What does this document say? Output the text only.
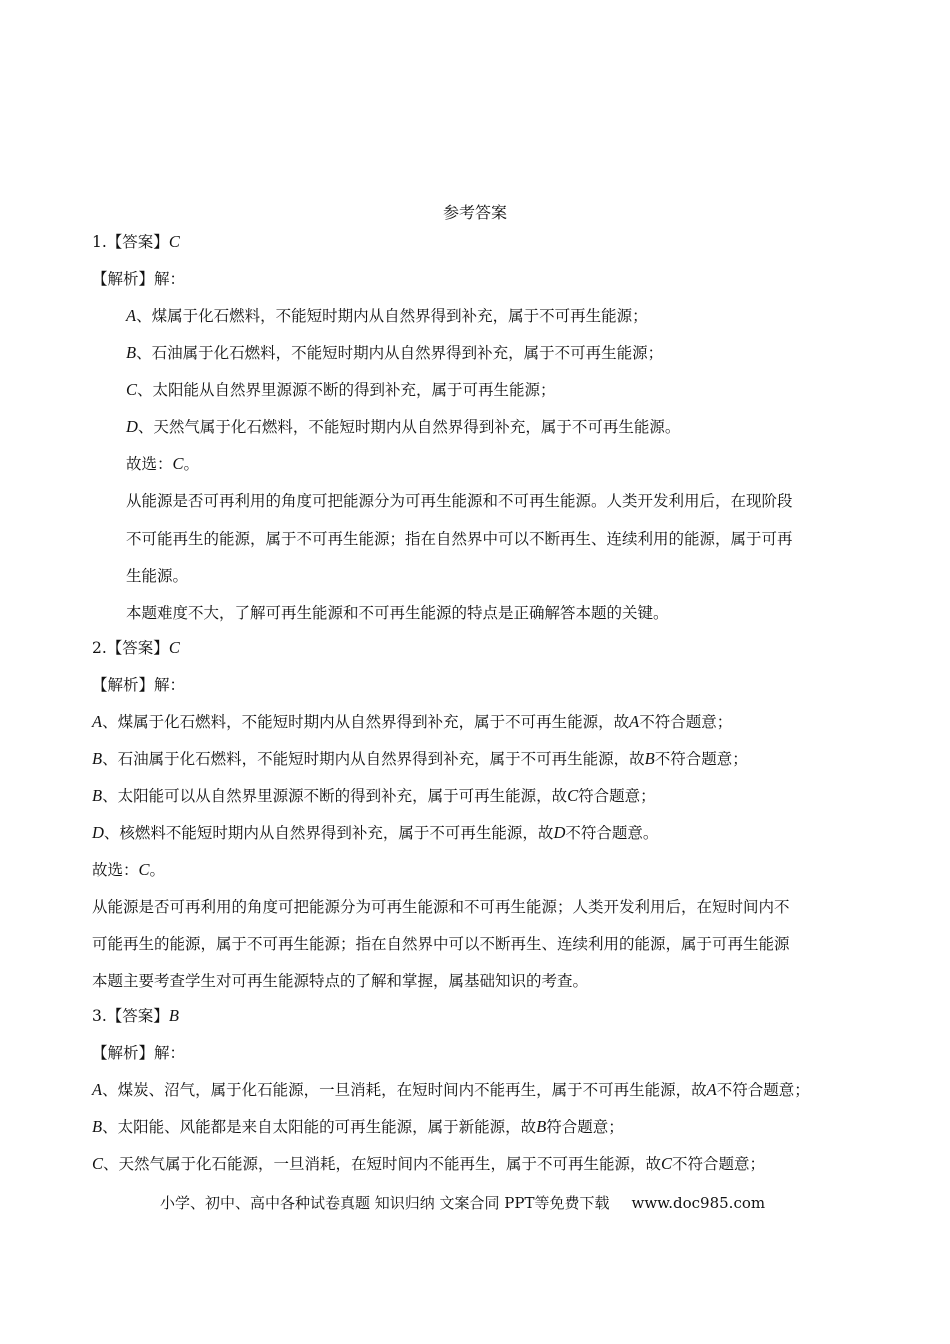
参考答案
1.【答案】C
【解析】解：
A、煤属于化石燃料，不能短时期内从自然界得到补充，属于不可再生能源；
B、石油属于化石燃料，不能短时期内从自然界得到补充，属于不可再生能源；
C、太阳能从自然界里源源不断的得到补充，属于可再生能源；
D、天然气属于化石燃料，不能短时期内从自然界得到补充，属于不可再生能源。
故选：C。
从能源是否可再利用的角度可把能源分为可再生能源和不可再生能源。人类开发利用后，在现阶段
不可能再生的能源，属于不可再生能源；指在自然界中可以不断再生、连续利用的能源，属于可再
生能源。
本题难度不大，了解可再生能源和不可再生能源的特点是正确解答本题的关键。
2.【答案】C
【解析】解：
A、煤属于化石燃料，不能短时期内从自然界得到补充，属于不可再生能源，故A不符合题意；
B、石油属于化石燃料，不能短时期内从自然界得到补充，属于不可再生能源，故B不符合题意；
B、太阳能可以从自然界里源源不断的得到补充，属于可再生能源，故C符合题意；
D、核燃料不能短时期内从自然界得到补充，属于不可再生能源，故D不符合题意。
故选：C。
从能源是否可再利用的角度可把能源分为可再生能源和不可再生能源；人类开发利用后，在短时间内不
可能再生的能源，属于不可再生能源；指在自然界中可以不断再生、连续利用的能源，属于可再生能源
本题主要考查学生对可再生能源特点的了解和掌握，属基础知识的考查。
3.【答案】B
【解析】解：
A、煤炭、沼气，属于化石能源，一旦消耗，在短时间内不能再生，属于不可再生能源，故A不符合题意；
B、太阳能、风能都是来自太阳能的可再生能源，属于新能源，故B符合题意；
C、天然气属于化石能源，一旦消耗，在短时间内不能再生，属于不可再生能源，故C不符合题意；
小学、初中、高中各种试卷真题 知识归纳 文案合同 PPT等免费下载 www.doc985.com
